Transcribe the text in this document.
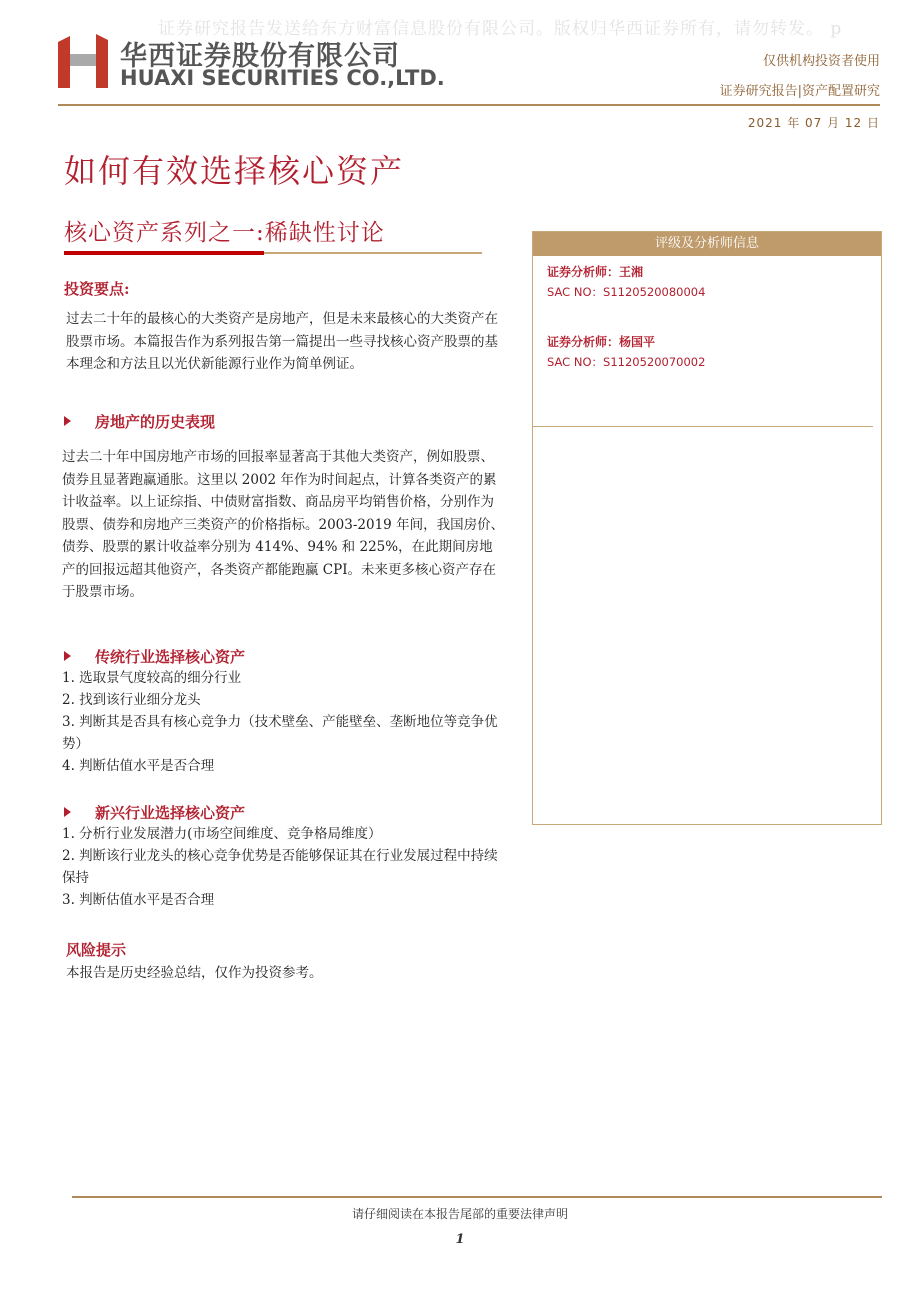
证券研究报告发送给东方财富信息股份有限公司。版权归华西证券所有，请勿转发。 p
华西证券股份有限公司
HUAXI SECURITIES CO.,LTD.
仅供机构投资者使用
证券研究报告|资产配置研究
2021 年 07 月 12 日
如何有效选择核心资产
核心资产系列之一:稀缺性讨论
投资要点:
过去二十年的最核心的大类资产是房地产，但是未来最核心的大类资产在股票市场。本篇报告作为系列报告第一篇提出一些寻找核心资产股票的基本理念和方法且以光伏新能源行业作为简单例证。
房地产的历史表现
过去二十年中国房地产市场的回报率显著高于其他大类资产，例如股票、债券且显著跑赢通胀。这里以 2002 年作为时间起点，计算各类资产的累计收益率。以上证综指、中债财富指数、商品房平均销售价格，分别作为股票、债券和房地产三类资产的价格指标。2003-2019 年间，我国房价、债券、股票的累计收益率分别为 414%、94% 和 225%，在此期间房地产的回报远超其他资产，各类资产都能跑赢 CPI。未来更多核心资产存在于股票市场。
传统行业选择核心资产
1. 选取景气度较高的细分行业
2. 找到该行业细分龙头
3. 判断其是否具有核心竞争力（技术壁垒、产能壁垒、垄断地位等竞争优势）
4. 判断估值水平是否合理
新兴行业选择核心资产
1. 分析行业发展潜力(市场空间维度、竞争格局维度）
2. 判断该行业龙头的核心竞争优势是否能够保证其在行业发展过程中持续保持
3. 判断估值水平是否合理
风险提示
本报告是历史经验总结，仅作为投资参考。
评级及分析师信息
证券分析师：王湘
SAC NO：S1120520080004
证券分析师：杨国平
SAC NO：S1120520070002
请仔细阅读在本报告尾部的重要法律声明
1
